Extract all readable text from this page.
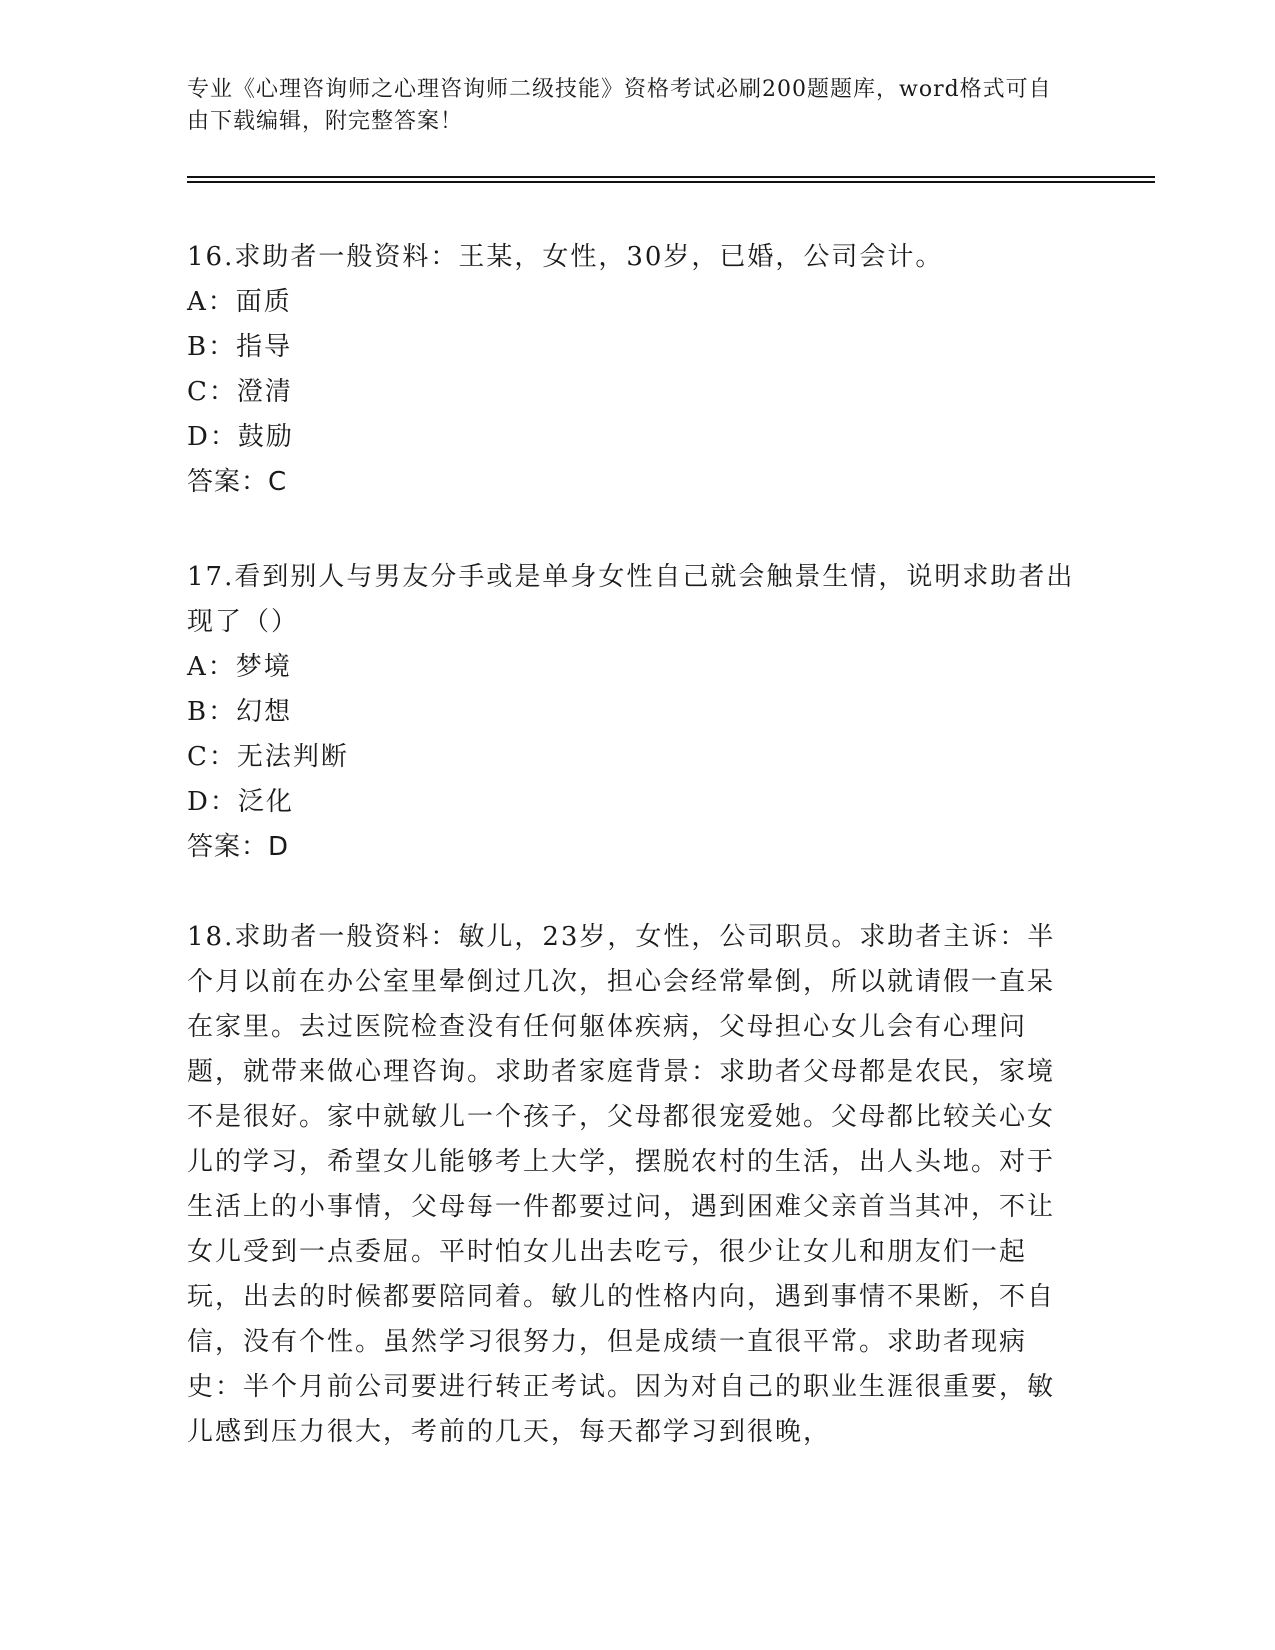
专业《心理咨询师之心理咨询师二级技能》资格考试必刷200题题库，word格式可自由下载编辑，附完整答案！

16.求助者一般资料：王某，女性，30岁，已婚，公司会计。

A：面质

B：指导

C：澄清

D：鼓励

答案：C

17.看到别人与男友分手或是单身女性自己就会触景生情，说明求助者出现了（）

A：梦境

B：幻想

C：无法判断

D：泛化

答案：D

18.求助者一般资料：敏儿，23岁，女性，公司职员。求助者主诉：半个月以前在办公室里晕倒过几次，担心会经常晕倒，所以就请假一直呆在家里。去过医院检查没有任何躯体疾病，父母担心女儿会有心理问题，就带来做心理咨询。求助者家庭背景：求助者父母都是农民，家境不是很好。家中就敏儿一个孩子，父母都很宠爱她。父母都比较关心女儿的学习，希望女儿能够考上大学，摆脱农村的生活，出人头地。对于生活上的小事情，父母每一件都要过问，遇到困难父亲首当其冲，不让女儿受到一点委屈。平时怕女儿出去吃亏，很少让女儿和朋友们一起玩，出去的时候都要陪同着。敏儿的性格内向，遇到事情不果断，不自信，没有个性。虽然学习很努力，但是成绩一直很平常。求助者现病史：半个月前公司要进行转正考试。因为对自己的职业生涯很重要，敏儿感到压力很大，考前的几天，每天都学习到很晚，
